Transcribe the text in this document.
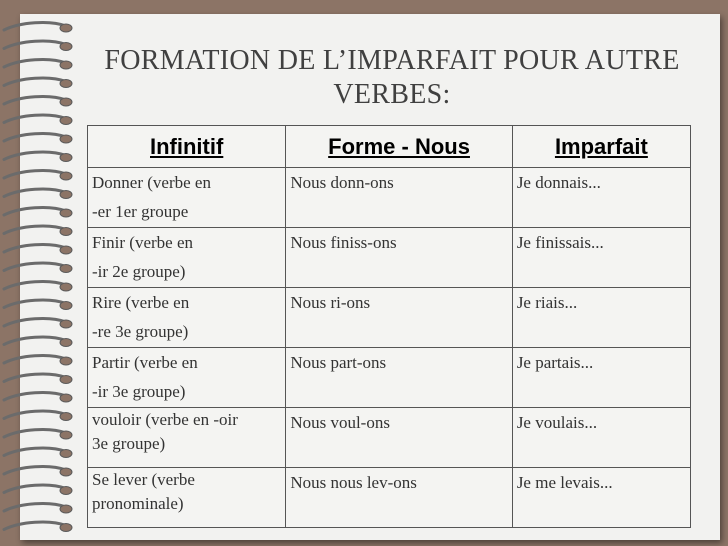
FORMATION DE L’IMPARFAIT POUR AUTRE VERBES:
Infinitif	Forme - Nous	Imparfait

Donner (verbe en
-er 1er groupe	Nous donn-ons	Je donnais...

Finir (verbe en
-ir 2e groupe)	Nous finiss-ons	Je finissais...

Rire (verbe en
-re 3e groupe)	Nous ri-ons	Je riais...

Partir (verbe en
-ir 3e groupe)	Nous part-ons	Je partais...

vouloir (verbe en -oir
3e groupe)	Nous voul-ons	Je voulais...

Se lever (verbe
pronominale)	Nous nous lev-ons	Je me levais...
